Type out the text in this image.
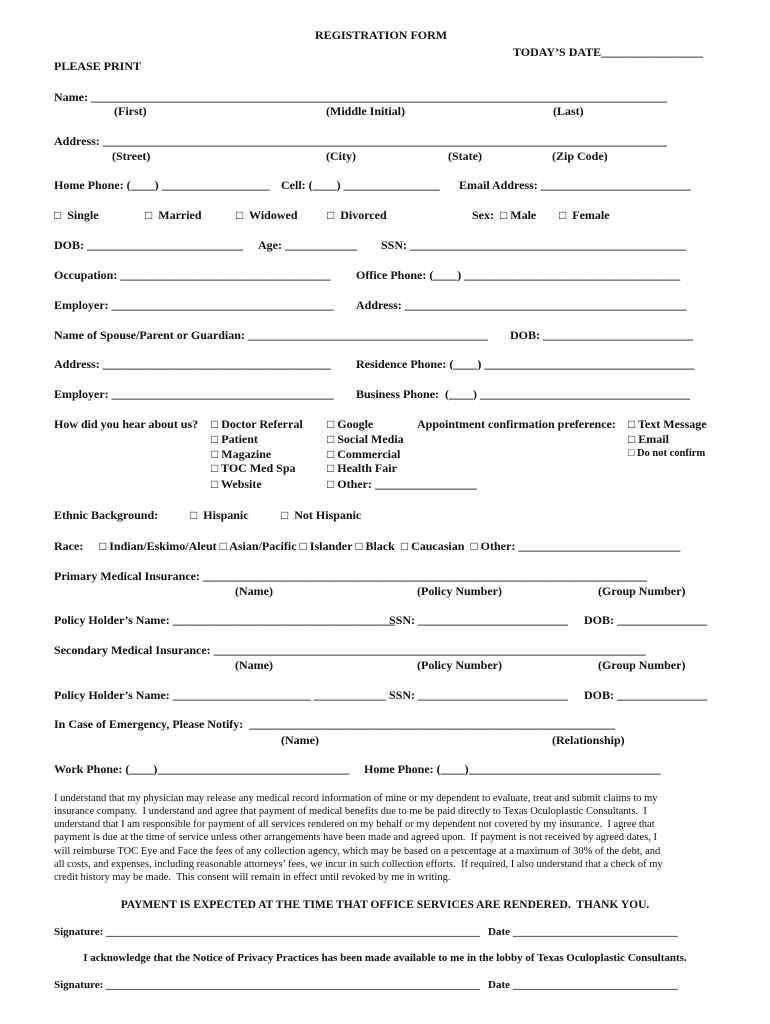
REGISTRATION FORM
TODAY’S DATE_________________
PLEASE PRINT
Name: ________________________________________________________________________________________________
(First)	(Middle Initial)	(Last)
Address: ______________________________________________________________________________________________
(Street)	(City)	(State)	(Zip Code)
Home Phone: (____) __________________ Cell: (____) ________________ Email Address: _________________________
□  Single	□  Married	□  Widowed □  Divorced	Sex:  □ Male □  Female
DOB: __________________________ Age: ____________ SSN: ______________________________________________
Occupation: ___________________________________ Office Phone: (____) ____________________________________
Employer: _____________________________________ Address: _______________________________________________
Name of Spouse/Parent or Guardian: ________________________________________ DOB: _________________________
Address: ______________________________________ Residence Phone: (____) ___________________________________
Employer: _____________________________________ Business Phone:  (____) ___________________________________
How did you hear about us? □ Doctor Referral
□ Patient
□ Magazine
□ TOC Med Spa
□ Website
□ Google
□ Social Media
□ Commercial
□ Health Fair
□ Other: _________________
Appointment confirmation preference: □ Text Message
□ Email
□ Do not confirm
Ethnic Background:	□  Hispanic	□  Not Hispanic
Race: □ Indian/Eskimo/Aleut □ Asian/Pacific □ Islander □ Black  □ Caucasian  □ Other: ___________________________
Primary Medical Insurance: __________________________________________________________________________
(Name)	(Policy Number)	(Group Number)
Policy Holder’s Name: _____________________________________
SSN: _________________________ DOB: _______________
Secondary Medical Insurance: ________________________________________________________________________
(Name)	(Policy Number)	(Group Number)
Policy Holder’s Name: _______________________ ____________ SSN: _________________________ DOB: _______________
In Case of Emergency, Please Notify:  _____________________________________________________________
(Name)	(Relationship)
Work Phone: (____)________________________________ Home Phone: (____)________________________________
I understand that my physician may release any medical record information of mine or my dependent to evaluate, treat and submit claims to my
insurance company.  I understand and agree that payment of medical benefits due to me be paid directly to Texas Oculoplastic Consultants.  I
understand that I am responsible for payment of all services rendered on my behalf or my dependent not covered by my insurance.  I agree that
payment is due at the time of service unless other arrangements have been made and agreed upon.  If payment is not received by agreed dates, I
will reimburse TOC Eye and Face the fees of any collection agency, which may be based on a percentage at a maximum of 30% of the debt, and
all costs, and expenses, including reasonable attorneys’ fees, we incur in such collection efforts.  If required, I also understand that a check of my
credit history may be made.  This consent will remain in effect until revoked by me in writing.
PAYMENT IS EXPECTED AT THE TIME THAT OFFICE SERVICES ARE RENDERED.  THANK YOU.
Signature: ____________________________________________________________________ Date ______________________________
I acknowledge that the Notice of Privacy Practices has been made available to me in the lobby of Texas Oculoplastic Consultants.
Signature: ____________________________________________________________________ Date ______________________________
